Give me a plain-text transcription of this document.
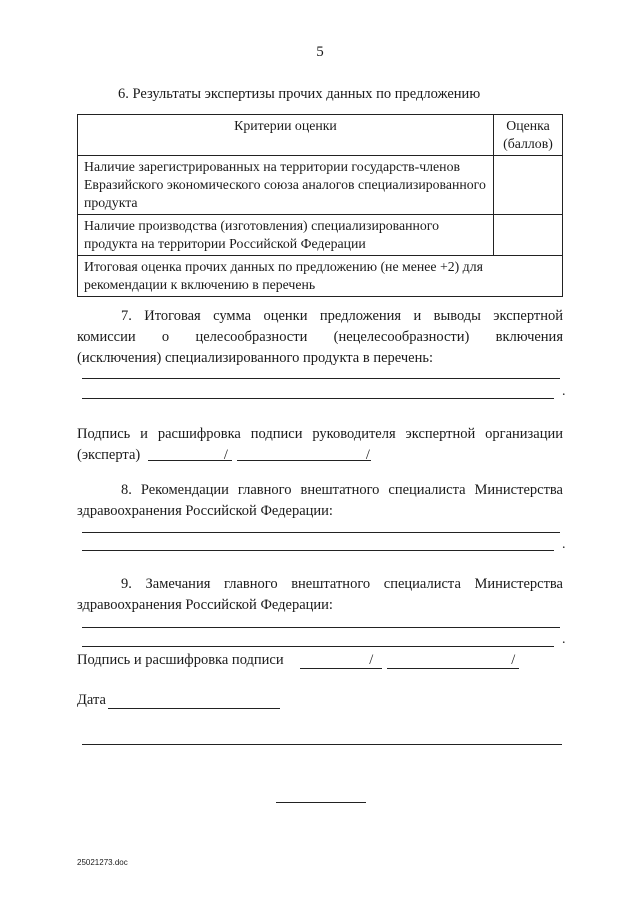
5
6. Результаты экспертизы прочих данных по предложению
Критерии оценки	Оценка (баллов)
Наличие зарегистрированных на территории государств-членов Евразийского экономического союза аналогов специализированного продукта	
Наличие производства (изготовления) специализированного продукта на территории Российской Федерации	
Итоговая оценка прочих данных по предложению (не менее +2) для рекомендации к включению в перечень	
7. Итоговая сумма оценки предложения и выводы экспертной
комиссии о целесообразности (нецелесообразности) включения
(исключения) специализированного продукта в перечень:
.
Подпись и расшифровка подписи руководителя экспертной организации
(эксперта)	/	/
8. Рекомендации главного внештатного специалиста Министерства
здравоохранения Российской Федерации:
.
9. Замечания главного внештатного специалиста Министерства
здравоохранения Российской Федерации:
.
Подпись и расшифровка подписи	/	/
Дата
25021273.doc
